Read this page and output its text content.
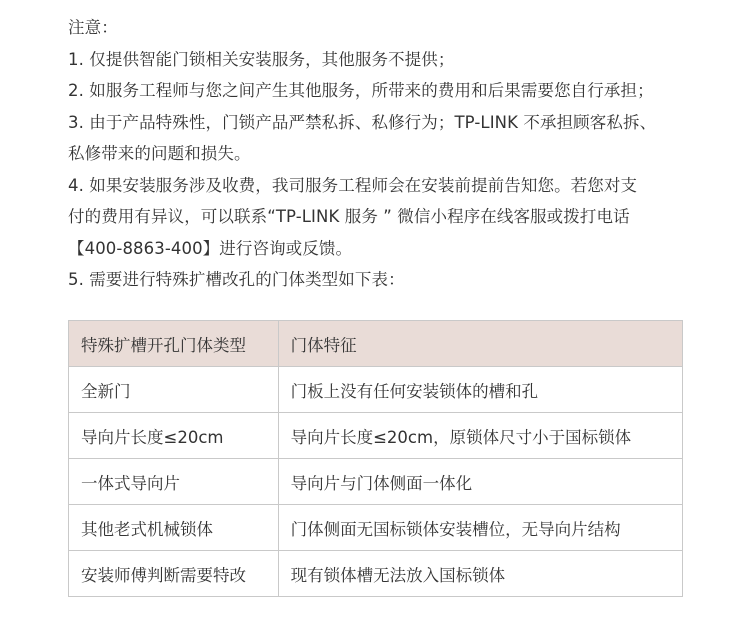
注意：

1. 仅提供智能门锁相关安装服务，其他服务不提供；

2. 如服务工程师与您之间产生其他服务，所带来的费用和后果需要您自行承担；

3. 由于产品特殊性，门锁产品严禁私拆、私修行为；TP-LINK 不承担顾客私拆、

私修带来的问题和损失。

4. 如果安装服务涉及收费，我司服务工程师会在安装前提前告知您。若您对支

付的费用有异议，可以联系“TP-LINK 服务 ” 微信小程序在线客服或拨打电话

【400-8863-400】进行咨询或反馈。

5. 需要进行特殊扩槽改孔的门体类型如下表：

特殊扩槽开孔门体类型	门体特征
全新门	门板上没有任何安装锁体的槽和孔
导向片长度≤20cm	导向片长度≤20cm，原锁体尺寸小于国标锁体
一体式导向片	导向片与门体侧面一体化
其他老式机械锁体	门体侧面无国标锁体安装槽位，无导向片结构
安装师傅判断需要特改	现有锁体槽无法放入国标锁体
